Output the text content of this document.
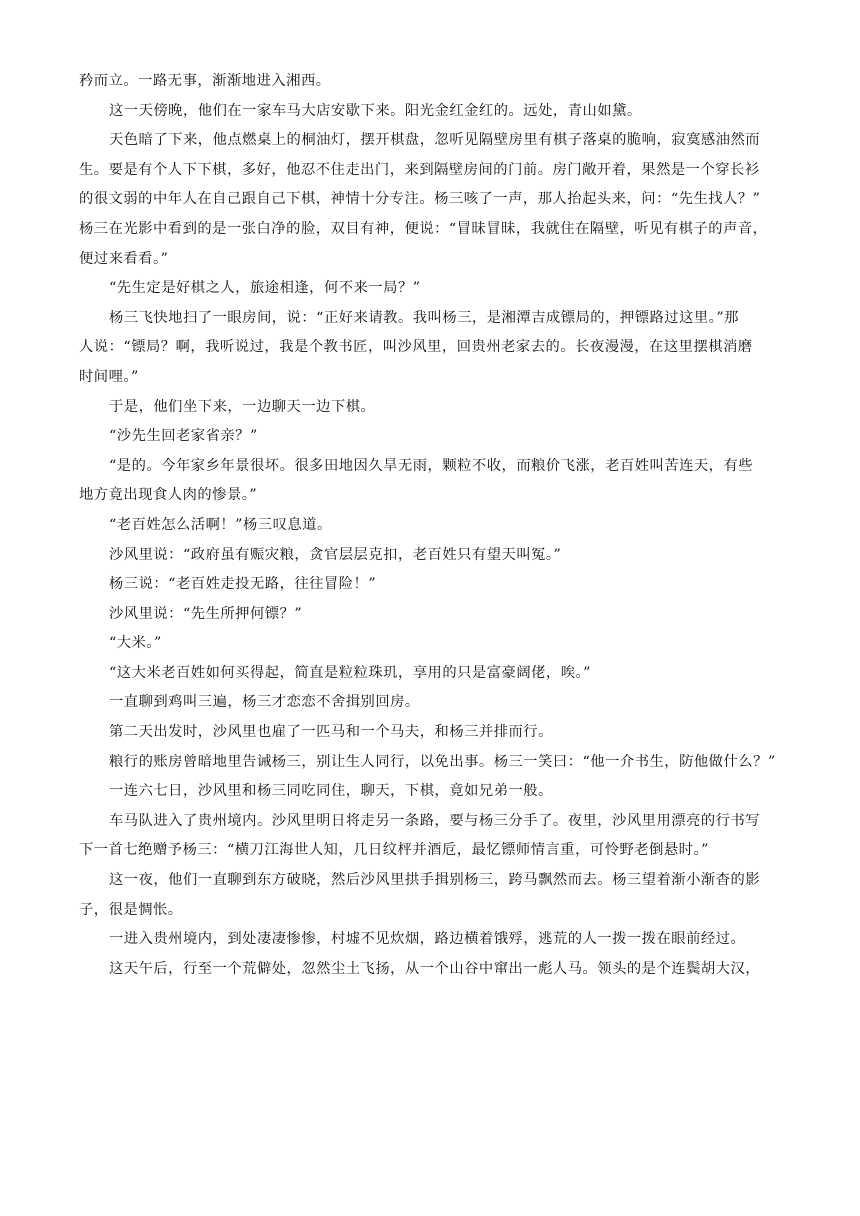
矜而立。一路无事，渐渐地进入湘西。

这一天傍晚，他们在一家车马大店安歇下来。阳光金红金红的。远处，青山如黛。

天色暗了下来，他点燃桌上的桐油灯，摆开棋盘，忽听见隔壁房里有棋子落桌的脆响，寂寞感油然而
生。要是有个人下下棋，多好，他忍不住走出门，来到隔壁房间的门前。房门敞开着，果然是一个穿长衫
的很文弱的中年人在自己跟自己下棋，神情十分专注。杨三咳了一声，那人抬起头来，问：“先生找人？”
杨三在光影中看到的是一张白净的脸，双目有神，便说：“冒昧冒昧，我就住在隔壁，听见有棋子的声音，
便过来看看。”

“先生定是好棋之人，旅途相逢，何不来一局？”

杨三飞快地扫了一眼房间，说：“正好来请教。我叫杨三，是湘潭吉成镖局的，押镖路过这里。”那
人说：“镖局？啊，我听说过，我是个教书匠，叫沙风里，回贵州老家去的。长夜漫漫，在这里摆棋消磨
时间哩。”

于是，他们坐下来，一边聊天一边下棋。

“沙先生回老家省亲？”

“是的。今年家乡年景很坏。很多田地因久旱无雨，颗粒不收，而粮价飞涨，老百姓叫苦连天，有些
地方竟出现食人肉的惨景。”

“老百姓怎么活啊！”杨三叹息道。

沙风里说：“政府虽有赈灾粮，贪官层层克扣，老百姓只有望天叫冤。”

杨三说：“老百姓走投无路，往往冒险！”

沙风里说：“先生所押何镖？”

“大米。”

“这大米老百姓如何买得起，简直是粒粒珠玑，享用的只是富豪阔佬，唉。”

一直聊到鸡叫三遍，杨三才恋恋不舍揖别回房。

第二天出发时，沙风里也雇了一匹马和一个马夫，和杨三并排而行。

粮行的账房曾暗地里告诫杨三，别让生人同行，以免出事。杨三一笑曰：“他一介书生，防他做什么？”

一连六七日，沙风里和杨三同吃同住，聊天，下棋，竟如兄弟一般。

车马队进入了贵州境内。沙风里明日将走另一条路，要与杨三分手了。夜里，沙风里用漂亮的行书写
下一首七绝赠予杨三：“横刀江海世人知，几日纹枰并酒卮，最忆镖师情言重，可怜野老倒悬时。”

这一夜，他们一直聊到东方破晓，然后沙风里拱手揖别杨三，跨马飘然而去。杨三望着渐小渐杳的影
子，很是惆怅。

一进入贵州境内，到处凄凄惨惨，村墟不见炊烟，路边横着饿殍，逃荒的人一拨一拨在眼前经过。

这天午后，行至一个荒僻处，忽然尘土飞扬，从一个山谷中窜出一彪人马。领头的是个连鬓胡大汉，
